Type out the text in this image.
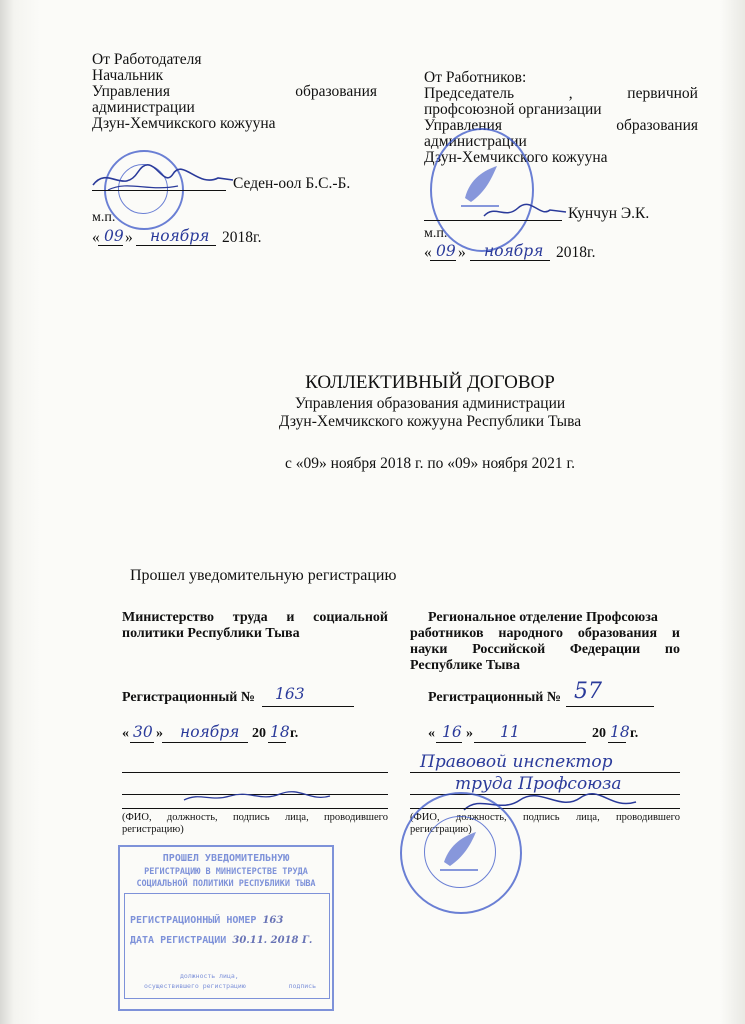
От Работодателя
Начальник
Управления	образования
администрации
Дзун-Хемчикского кожууна
Седен-оол Б.С.-Б.
м.п.
« 09 » ноября 2018г.
От Работников:
Председатель	,	первичной
профсоюзной организации
Управления	образования
администрации
Дзун-Хемчикского кожууна
Кунчун Э.К.
м.п.
« 09 » ноября 2018г.
КОЛЛЕКТИВНЫЙ ДОГОВОР
Управления образования администрации
Дзун-Хемчикского кожууна Республики Тыва
с «09» ноября 2018 г. по «09» ноября 2021 г.
Прошел уведомительную регистрацию
Министерство труда и социальной
политики Республики Тыва
Регистрационный № 163
« 30 » ноября 20 18 г.
(ФИО, должность, подпись лица, проводившего
регистрацию)
Региональное отделение Профсоюза
работников народного образования и
науки Российской Федерации по
Республике Тыва
Регистрационный № 57
« 16 » 11	20 18 г.
Правовой инспектор
труда Профсоюза
(ФИО, должность, подпись лица, проводившего
регистрацию)
ПРОШЕЛ УВЕДОМИТЕЛЬНУЮ
РЕГИСТРАЦИЮ В МИНИСТЕРСТВЕ ТРУДА
СОЦИАЛЬНОЙ ПОЛИТИКИ РЕСПУБЛИКИ ТЫВА
РЕГИСТРАЦИОННЫЙ НОМЕР 163
ДАТА РЕГИСТРАЦИИ 30.11. 2018 Г.
должность лица,
осуществившего регистрацию	подпись
